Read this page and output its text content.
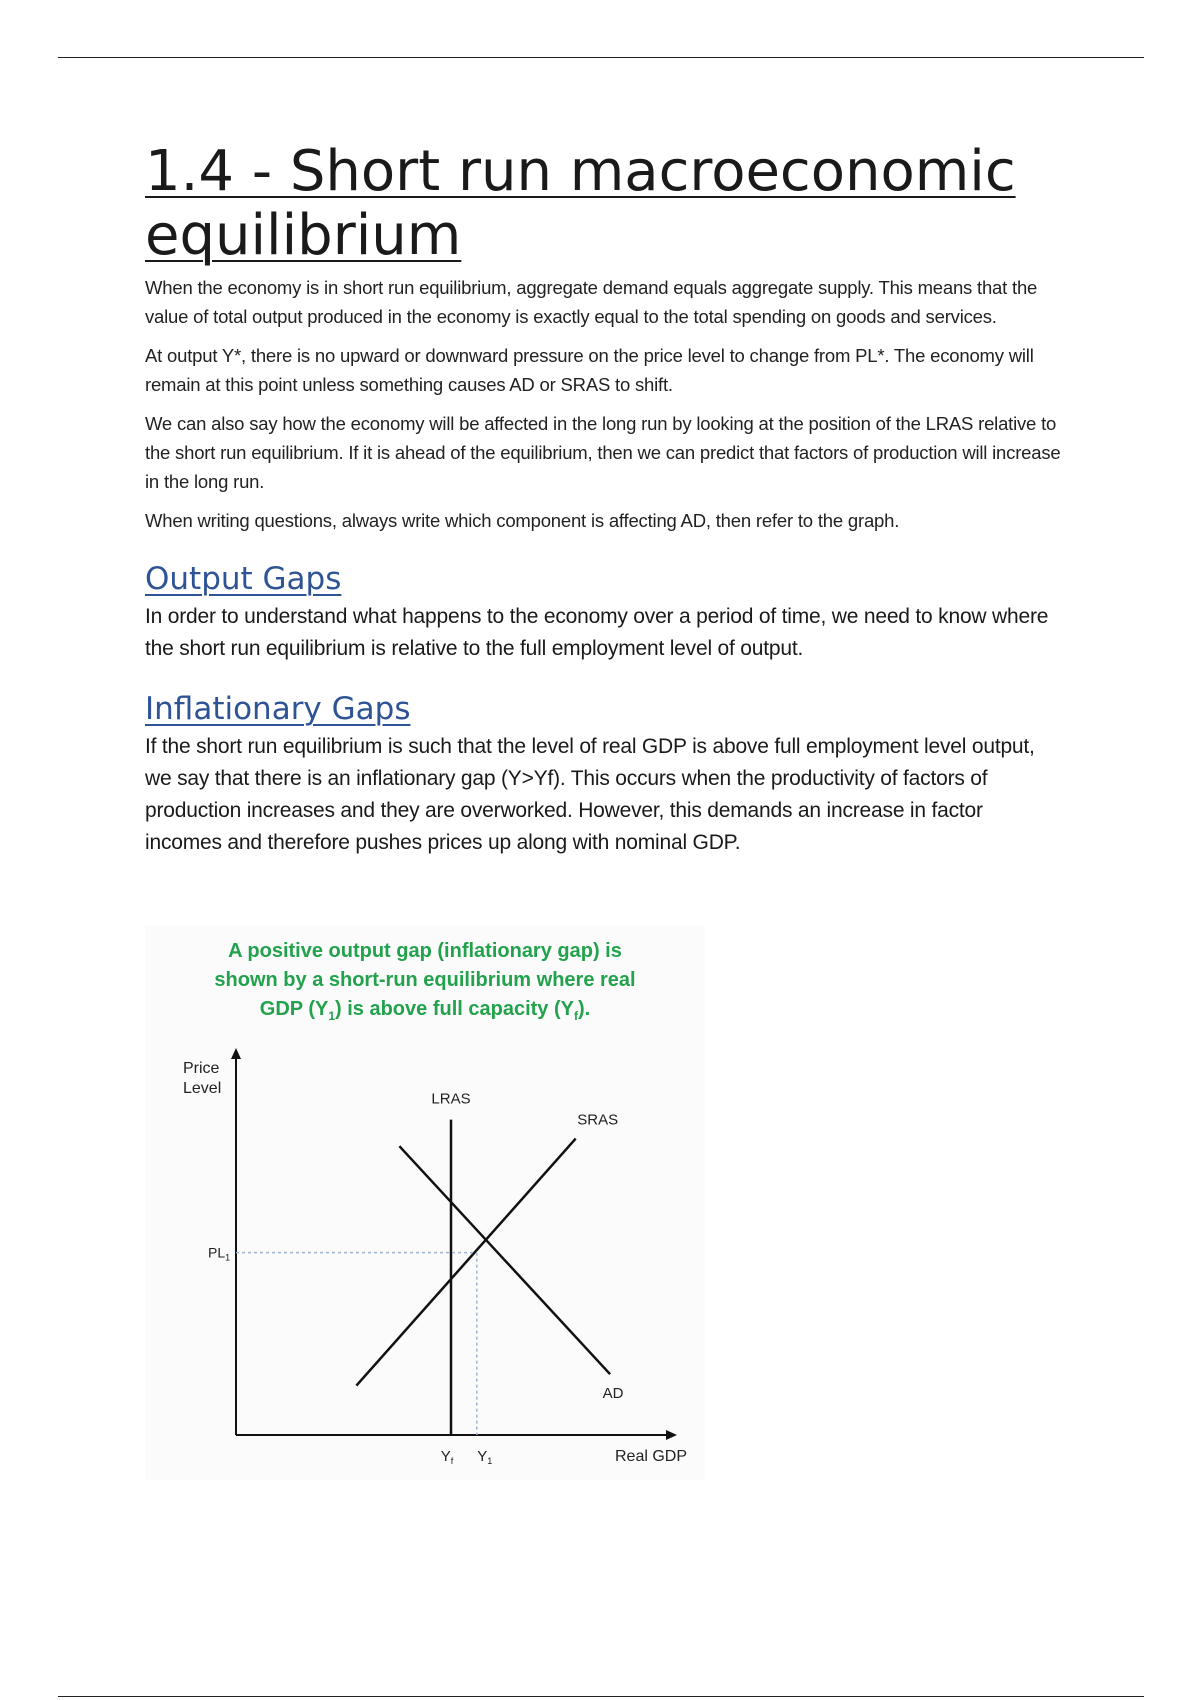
1.4 - Short run macroeconomic equilibrium

When the economy is in short run equilibrium, aggregate demand equals aggregate supply. This means that the value of total output produced in the economy is exactly equal to the total spending on goods and services.

At output Y*, there is no upward or downward pressure on the price level to change from PL*. The economy will remain at this point unless something causes AD or SRAS to shift.

We can also say how the economy will be affected in the long run by looking at the position of the LRAS relative to the short run equilibrium. If it is ahead of the equilibrium, then we can predict that factors of production will increase in the long run.

When writing questions, always write which component is affecting AD, then refer to the graph.

Output Gaps

In order to understand what happens to the economy over a period of time, we need to know where the short run equilibrium is relative to the full employment level of output.

Inflationary Gaps

If the short run equilibrium is such that the level of real GDP is above full employment level output, we say that there is an inflationary gap (Y>Yf). This occurs when the productivity of factors of production increases and they are overworked. However, this demands an increase in factor incomes and therefore pushes prices up along with nominal GDP.

A positive output gap (inflationary gap) is
shown by a short-run equilibrium where real
GDP $(Y_1)$ is above full capacity $(Y_f)$.
Price
Level
Real GDP
LRAS
SRAS
AD
$PL_1$
$Y_f$ $Y_1$
